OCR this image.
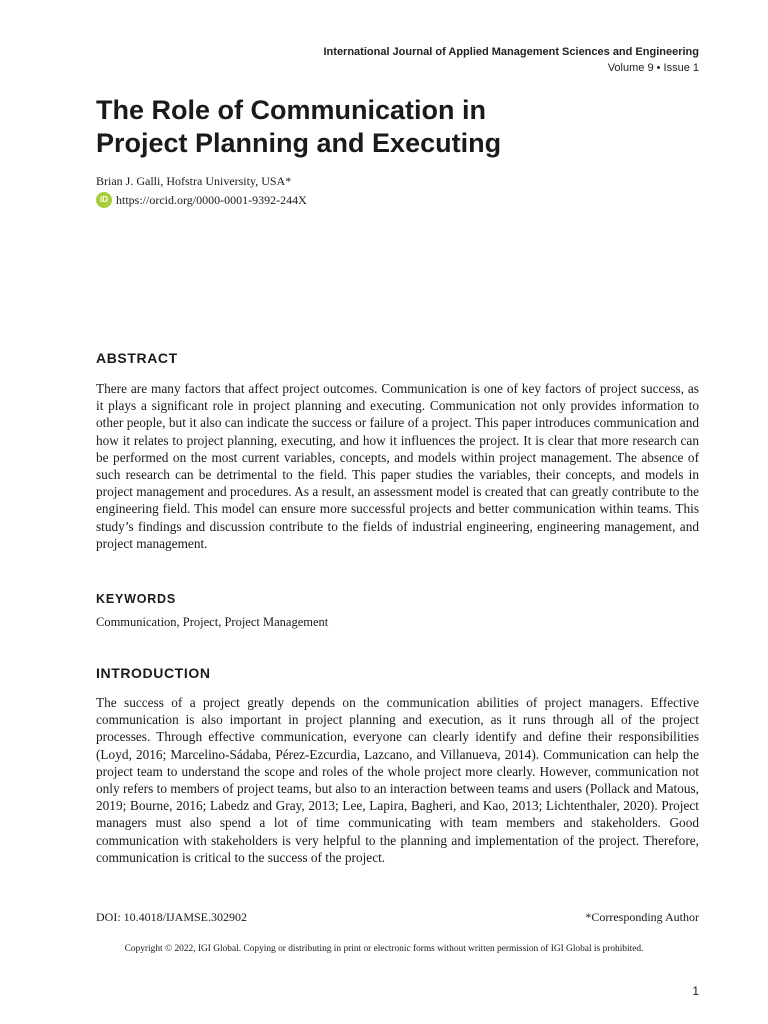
International Journal of Applied Management Sciences and Engineering
Volume 9 • Issue 1
The Role of Communication in
Project Planning and Executing
Brian J. Galli, Hofstra University, USA*
iD https://orcid.org/0000-0001-9392-244X
ABSTRACT

There are many factors that affect project outcomes. Communication is one of key factors of project success, as it plays a significant role in project planning and executing. Communication not only provides information to other people, but it also can indicate the success or failure of a project. This paper introduces communication and how it relates to project planning, executing, and how it influences the project. It is clear that more research can be performed on the most current variables, concepts, and models within project management. The absence of such research can be detrimental to the field. This paper studies the variables, their concepts, and models in project management and procedures. As a result, an assessment model is created that can greatly contribute to the engineering field. This model can ensure more successful projects and better communication within teams. This study’s findings and discussion contribute to the fields of industrial engineering, engineering management, and project management.

KEYWORDS
Communication, Project, Project Management
INTRODUCTION

The success of a project greatly depends on the communication abilities of project managers. Effective communication is also important in project planning and execution, as it runs through all of the project processes. Through effective communication, everyone can clearly identify and define their responsibilities (Loyd, 2016; Marcelino-Sádaba, Pérez-Ezcurdia, Lazcano, and Villanueva, 2014). Communication can help the project team to understand the scope and roles of the whole project more clearly. However, communication not only refers to members of project teams, but also to an interaction between teams and users (Pollack and Matous, 2019; Bourne, 2016; Labedz and Gray, 2013; Lee, Lapira, Bagheri, and Kao, 2013; Lichtenthaler, 2020). Project managers must also spend a lot of time communicating with team members and stakeholders. Good communication with stakeholders is very helpful to the planning and implementation of the project. Therefore, communication is critical to the success of the project.

DOI: 10.4018/IJAMSE.302902	*Corresponding Author
Copyright © 2022, IGI Global. Copying or distributing in print or electronic forms without written permission of IGI Global is prohibited.
1
